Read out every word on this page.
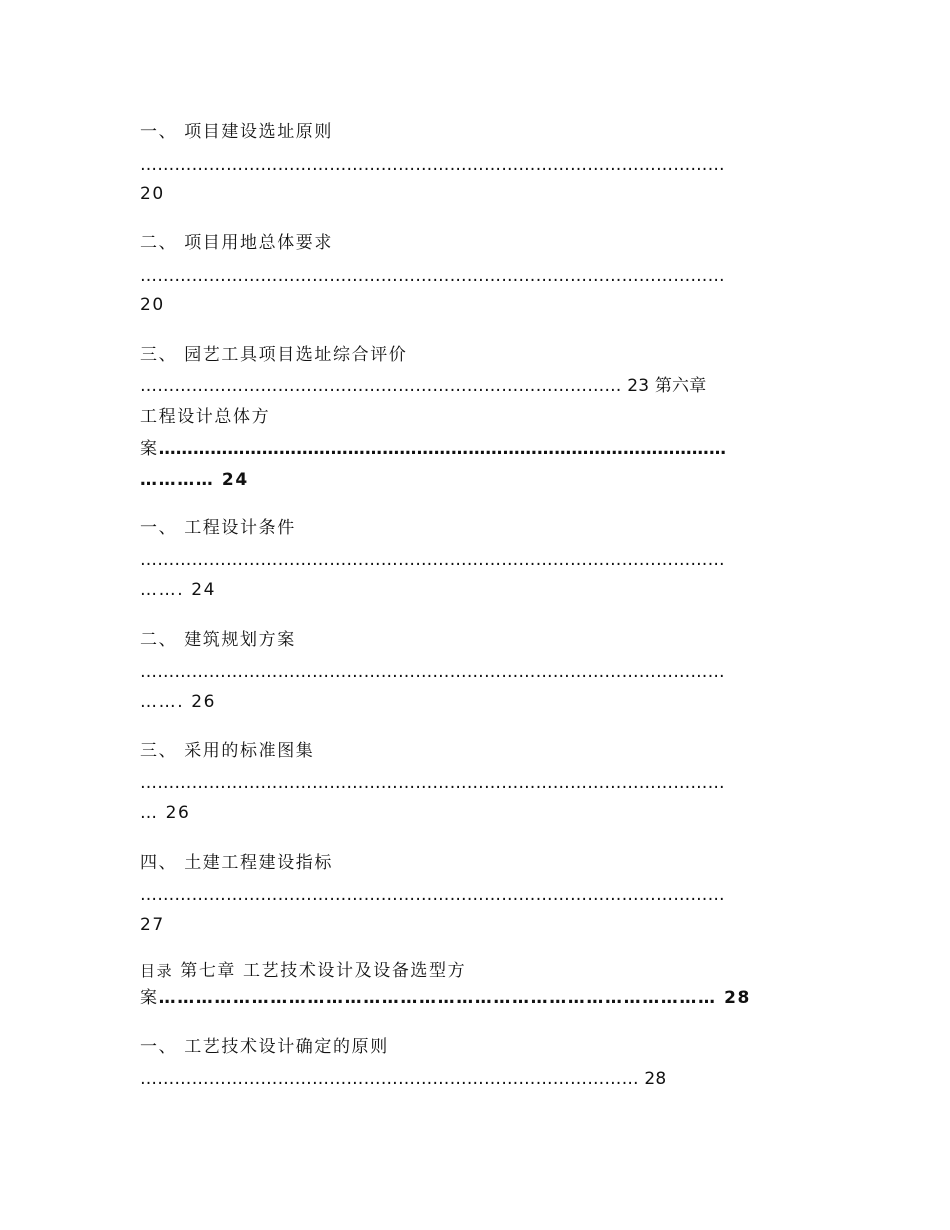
一、 项目建设选址原则
…………………………………………………………………………………………
20
二、 项目用地总体要求
…………………………………………………………………………………………
20
三、 园艺工具项目选址综合评价
………………………………………………………………………… 23 第六章
工程设计总体方
案………………………………………………………………………………………
………… 24
一、 工程设计条件
…………………………………………………………………………………………
……. 24
二、 建筑规划方案
…………………………………………………………………………………………
……. 26
三、 采用的标准图集
…………………………………………………………………………………………
… 26
四、 土建工程建设指标
…………………………………………………………………………………………
27
目录 第七章 工艺技术设计及设备选型方
案……………………………………………………………………………… 28
一、 工艺技术设计确定的原则
…………………………………………………………………………… 28
